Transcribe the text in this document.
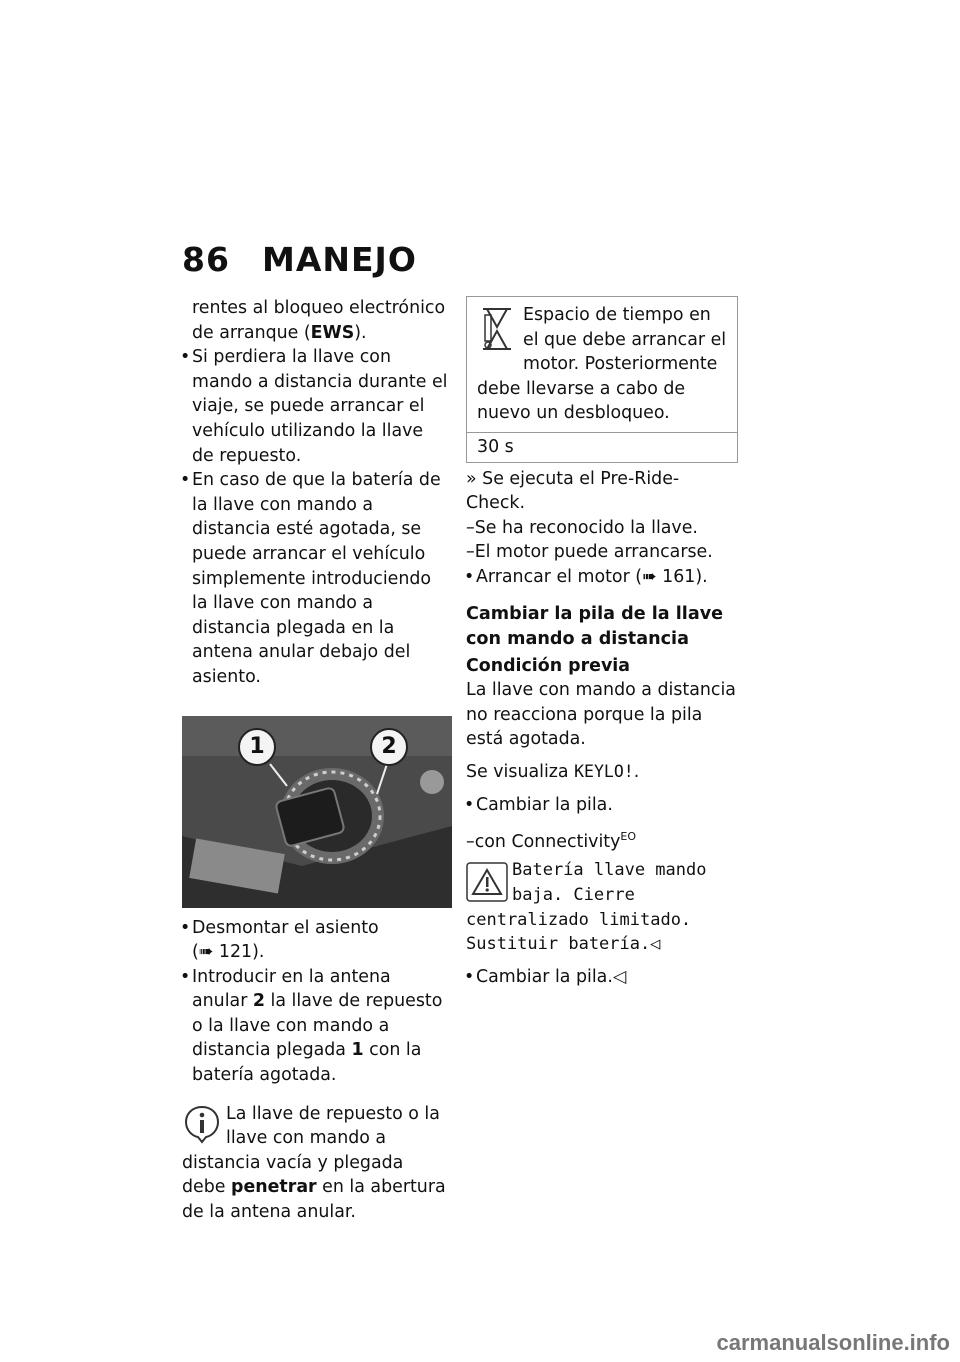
86 MANEJO

rentes al bloqueo electrónico de arranque (EWS).

• Si perdiera la llave con mando a distancia durante el viaje, se puede arrancar el vehículo utilizando la llave de repuesto.

• En caso de que la batería de la llave con mando a distancia esté agotada, se puede arrancar el vehículo simplemente introduciendo la llave con mando a distancia plegada en la antena anular debajo del asiento.

1	2

• Desmontar el asiento
(➠ 121).

• Introducir en la antena anular 2 la llave de repuesto o la llave con mando a distancia plegada 1 con la batería agotada.

La llave de repuesto o la llave con mando a distancia vacía y plegada debe penetrar en la abertura de la antena anular.

Espacio de tiempo en el que debe arrancar el motor. Posteriormente debe llevarse a cabo de nuevo un desbloqueo.
30 s

» Se ejecuta el Pre-Ride-Check.

–Se ha reconocido la llave.

–El motor puede arrancarse.

• Arrancar el motor (➠ 161).

Cambiar la pila de la llave con mando a distancia

Condición previa

La llave con mando a distancia no reacciona porque la pila está agotada.

Se visualiza KEYLO!.

• Cambiar la pila.

–con Connectivity$^{EO}$

Batería llave mando baja. Cierre centralizado limitado. Sustituir batería.◁

• Cambiar la pila.◁

carmanualsonline.info
